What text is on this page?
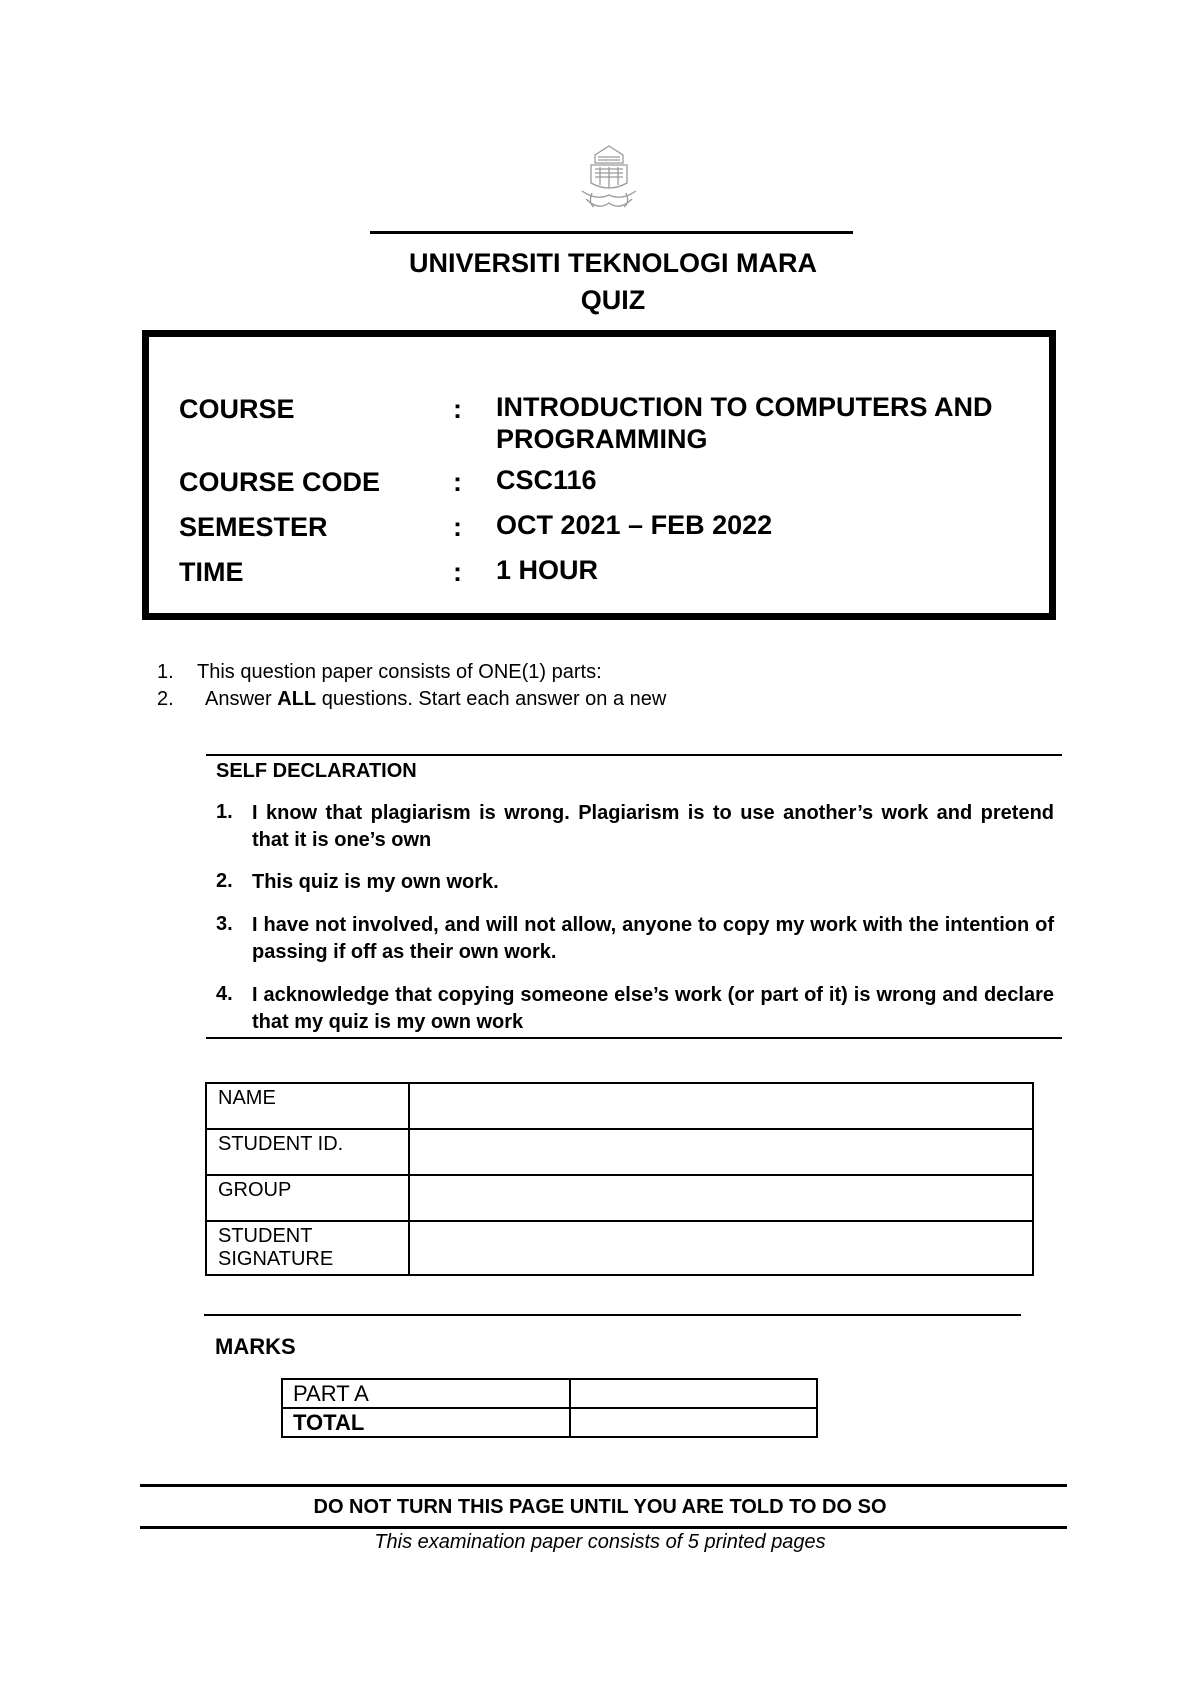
UNIVERSITI TEKNOLOGI MARA
QUIZ
COURSE	: INTRODUCTION TO COMPUTERS AND PROGRAMMING
COURSE CODE	: CSC116
SEMESTER	: OCT 2021 – FEB 2022
TIME	: 1 HOUR
1. This question paper consists of ONE(1) parts:
2. Answer ALL questions. Start each answer on a new
SELF DECLARATION
1. I know that plagiarism is wrong. Plagiarism is to use another’s work and pretend that it is one’s own
2. This quiz is my own work.
3. I have not involved, and will not allow, anyone to copy my work with the intention of passing if off as their own work.
4. I acknowledge that copying someone else’s work (or part of it) is wrong and declare that my quiz is my own work
NAME	
STUDENT ID.	
GROUP	
STUDENT SIGNATURE	
MARKS
PART A	
TOTAL	
DO NOT TURN THIS PAGE UNTIL YOU ARE TOLD TO DO SO
This examination paper consists of 5 printed pages
